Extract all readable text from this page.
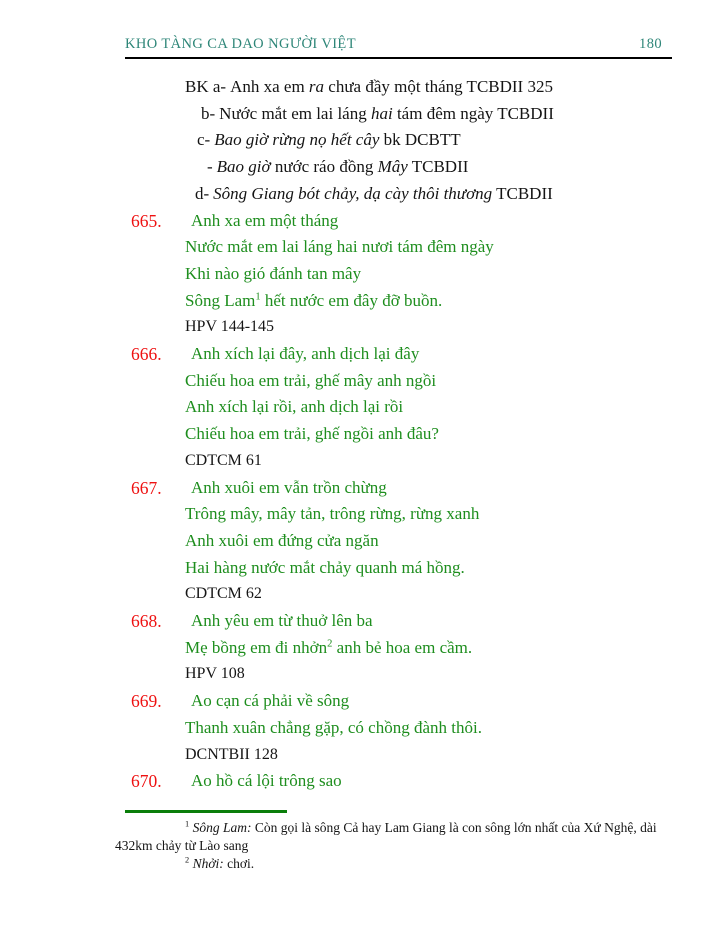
KHO TÀNG CA DAO NGƯỜI VIỆT	180
BK a- Anh xa em ra chưa đầy một tháng TCBDII 325
b- Nước mắt em lai láng hai tám đêm ngày TCBDII
c- Bao giờ rừng nọ hết cây bk DCBTT
- Bao giờ nước ráo đồng Mây TCBDII
d- Sông Giang bót chảy, dạ cày thôi thương TCBDII
665. Anh xa em một tháng
Nước mắt em lai láng hai nươi tám đêm ngày
Khi nào gió đánh tan mây
Sông Lam$^1$ hết nước em đây đỡ buồn.
HPV 144-145
666. Anh xích lại đây, anh dịch lại đây
Chiếu hoa em trải, ghế mây anh ngồi
Anh xích lại rồi, anh dịch lại rồi
Chiếu hoa em trải, ghế ngồi anh đâu?
CDTCM 61
667. Anh xuôi em vẫn trồn chừng
Trông mây, mây tản, trông rừng, rừng xanh
Anh xuôi em đứng cửa ngăn
Hai hàng nước mắt chảy quanh má hồng.
CDTCM 62
668. Anh yêu em từ thuở lên ba
Mẹ bồng em đi nhởn$^2$ anh bẻ hoa em cầm.
HPV 108
669. Ao cạn cá phải về sông
Thanh xuân chẳng gặp, có chồng đành thôi.
DCNTBII 128
670. Ao hồ cá lội trông sao
$^1$ Sông Lam: Còn gọi là sông Cả hay Lam Giang là con sông lớn nhất của Xứ Nghệ, dài
432km chảy từ Lào sang
$^2$ Nhởi: chơi.
